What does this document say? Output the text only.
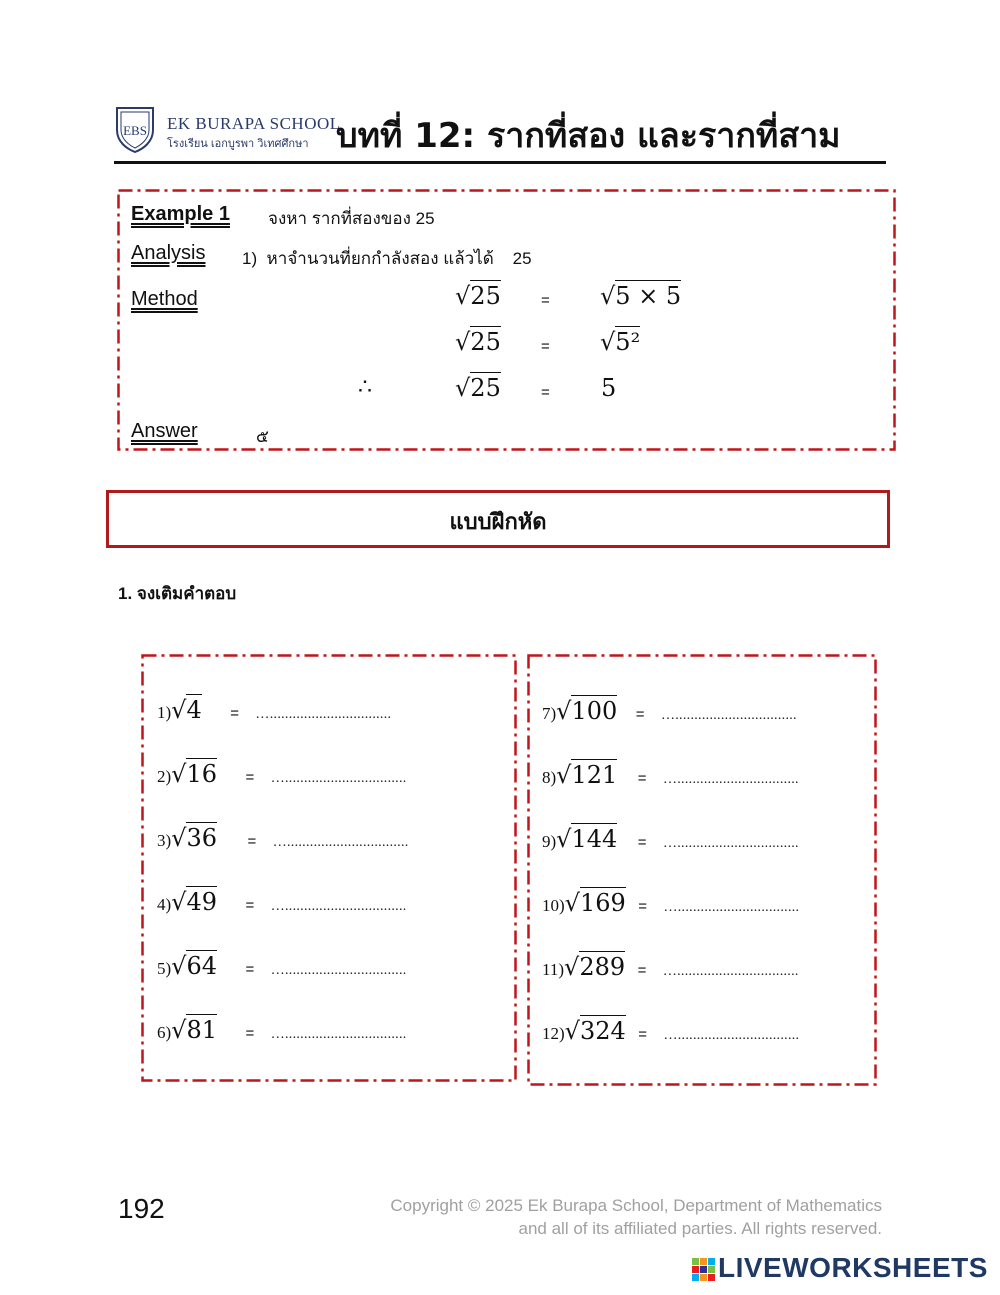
EBS EK BURAPA SCHOOL
โรงเรียน เอกบูรพา วิเทศศึกษา บทที่ 12: รากที่สอง และรากที่สาม
Example 1 จงหา รากที่สองของ 25
Analysis 1)  หาจำนวนที่ยกกำลังสอง แล้วได้    25
Method	√25	= √5 × 5
√25	= √5²
∴	√25	= 5
Answer	๕
แบบฝึกหัด
1. จงเติมคำตอบ
1)√4 = …................................
2)√16 = …................................
3)√36 = …................................
4)√49 = …................................
5)√64 = …................................
6)√81 = …................................
7)√100 = …................................
8)√121 = …................................
9)√144 = …................................
10)√169 = …................................
11)√289 = …................................
12)√324 = …................................
192	Copyright © 2025 Ek Burapa School, Department of Mathematics
and all of its affiliated parties. All rights reserved.
LIVEWORKSHEETS
